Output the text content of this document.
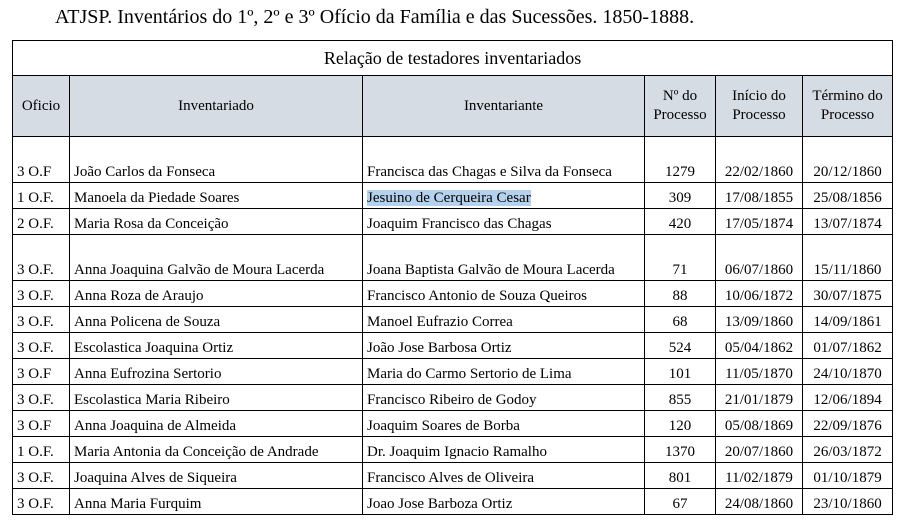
ATJSP. Inventários do 1º, 2º e 3º Ofício da Família e das Sucessões. 1850-1888.
Relação de testadores inventariados					
Oficio	Inventariado	Inventariante	Nº do Processo	Início do Processo	Término do Processo
3 O.F	João Carlos da Fonseca	Francisca das Chagas e Silva da Fonseca	1279	22/02/1860	20/12/1860
1 O.F.	Manoela da Piedade Soares	Jesuino de Cerqueira Cesar	309	17/08/1855	25/08/1856
2 O.F.	Maria Rosa da Conceição	Joaquim Francisco das Chagas	420	17/05/1874	13/07/1874
3 O.F.	Anna Joaquina Galvão de Moura Lacerda	Joana Baptista Galvão de Moura Lacerda	71	06/07/1860	15/11/1860
3 O.F.	Anna Roza de Araujo	Francisco Antonio de Souza Queiros	88	10/06/1872	30/07/1875
3 O.F.	Anna Policena de Souza	Manoel Eufrazio Correa	68	13/09/1860	14/09/1861
3 O.F.	Escolastica Joaquina Ortiz	João Jose Barbosa Ortiz	524	05/04/1862	01/07/1862
3 O.F	Anna Eufrozina Sertorio	Maria do Carmo Sertorio de Lima	101	11/05/1870	24/10/1870
3 O.F.	Escolastica Maria Ribeiro	Francisco Ribeiro de Godoy	855	21/01/1879	12/06/1894
3 O.F	Anna Joaquina de Almeida	Joaquim Soares de Borba	120	05/08/1869	22/09/1876
1 O.F.	Maria Antonia da Conceição de Andrade	Dr. Joaquim Ignacio Ramalho	1370	20/07/1860	26/03/1872
3 O.F.	Joaquina Alves de Siqueira	Francisco Alves de Oliveira	801	11/02/1879	01/10/1879
3 O.F.	Anna Maria Furquim	Joao Jose Barboza Ortiz	67	24/08/1860	23/10/1860
